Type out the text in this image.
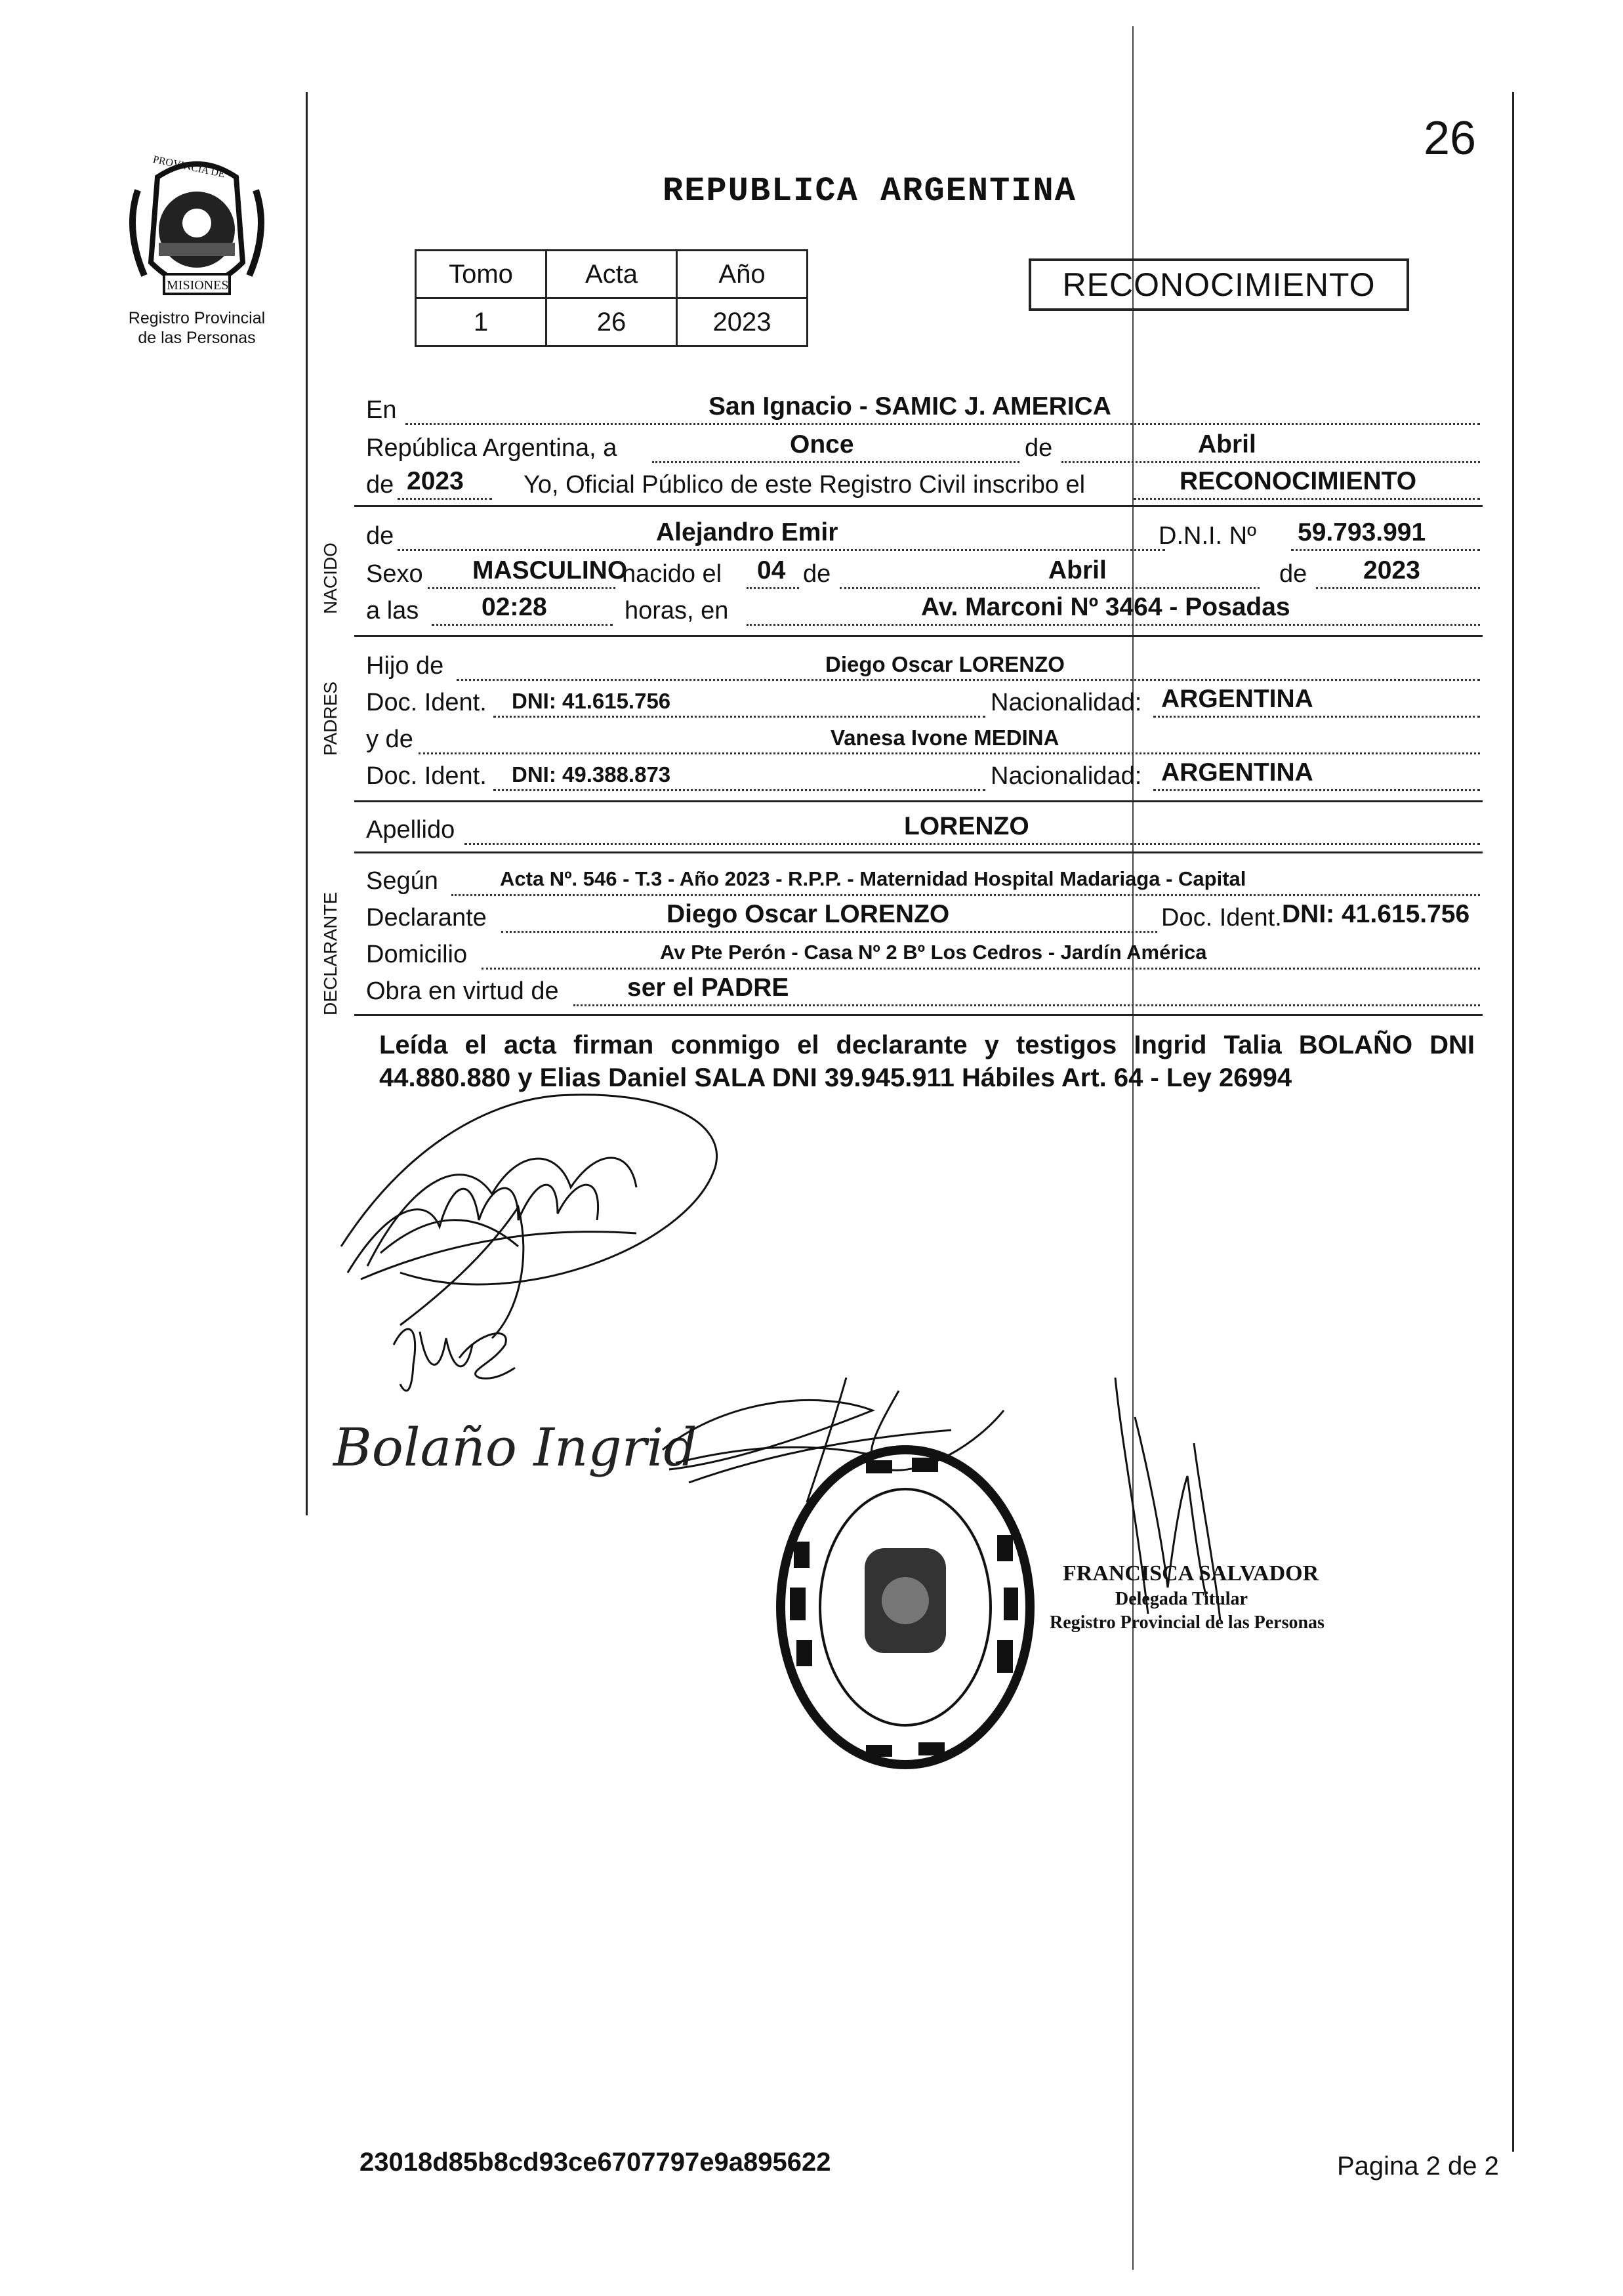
PROVINCIA DE
MISIONES
Registro Provincial
de las Personas
26
REPUBLICA ARGENTINA
Tomo	Acta	Año
1	26	2023
RECONOCIMIENTO
En	San Ignacio - SAMIC J. AMERICA
República Argentina, a	Once	de	Abril
de 2023 Yo, Oficial Público de este Registro Civil inscribo el	RECONOCIMIENTO
NACIDO
de	Alejandro Emir	D.N.I. Nº 59.793.991
Sexo MASCULINO
nacido el 04 de	Abril	de 2023
a las 02:28	horas, en	Av. Marconi Nº 3464 - Posadas
PADRES
Hijo de	Diego Oscar LORENZO
Doc. Ident. DNI: 41.615.756	Nacionalidad: ARGENTINA
y de	Vanesa Ivone MEDINA
Doc. Ident. DNI: 49.388.873	Nacionalidad: ARGENTINA
Apellido	LORENZO
DECLARANTE
Según	Acta Nº. 546 - T.3 - Año 2023 - R.P.P. - Maternidad Hospital Madariaga - Capital
Declarante	Diego Oscar LORENZO	Doc. Ident. DNI: 41.615.756
Domicilio	Av Pte Perón - Casa Nº 2 Bº Los Cedros - Jardín América
Obra en virtud de	ser el PADRE
Leída el acta firman conmigo el declarante y testigos Ingrid Talia BOLAÑO DNI 44.880.880 y Elias Daniel SALA DNI 39.945.911 Hábiles Art. 64 - Ley 26994
Bolaño Ingrid
FRANCISCA SALVADOR
Delegada Titular
Registro Provincial de las Personas
23018d85b8cd93ce6707797e9a895622	Pagina 2 de 2
